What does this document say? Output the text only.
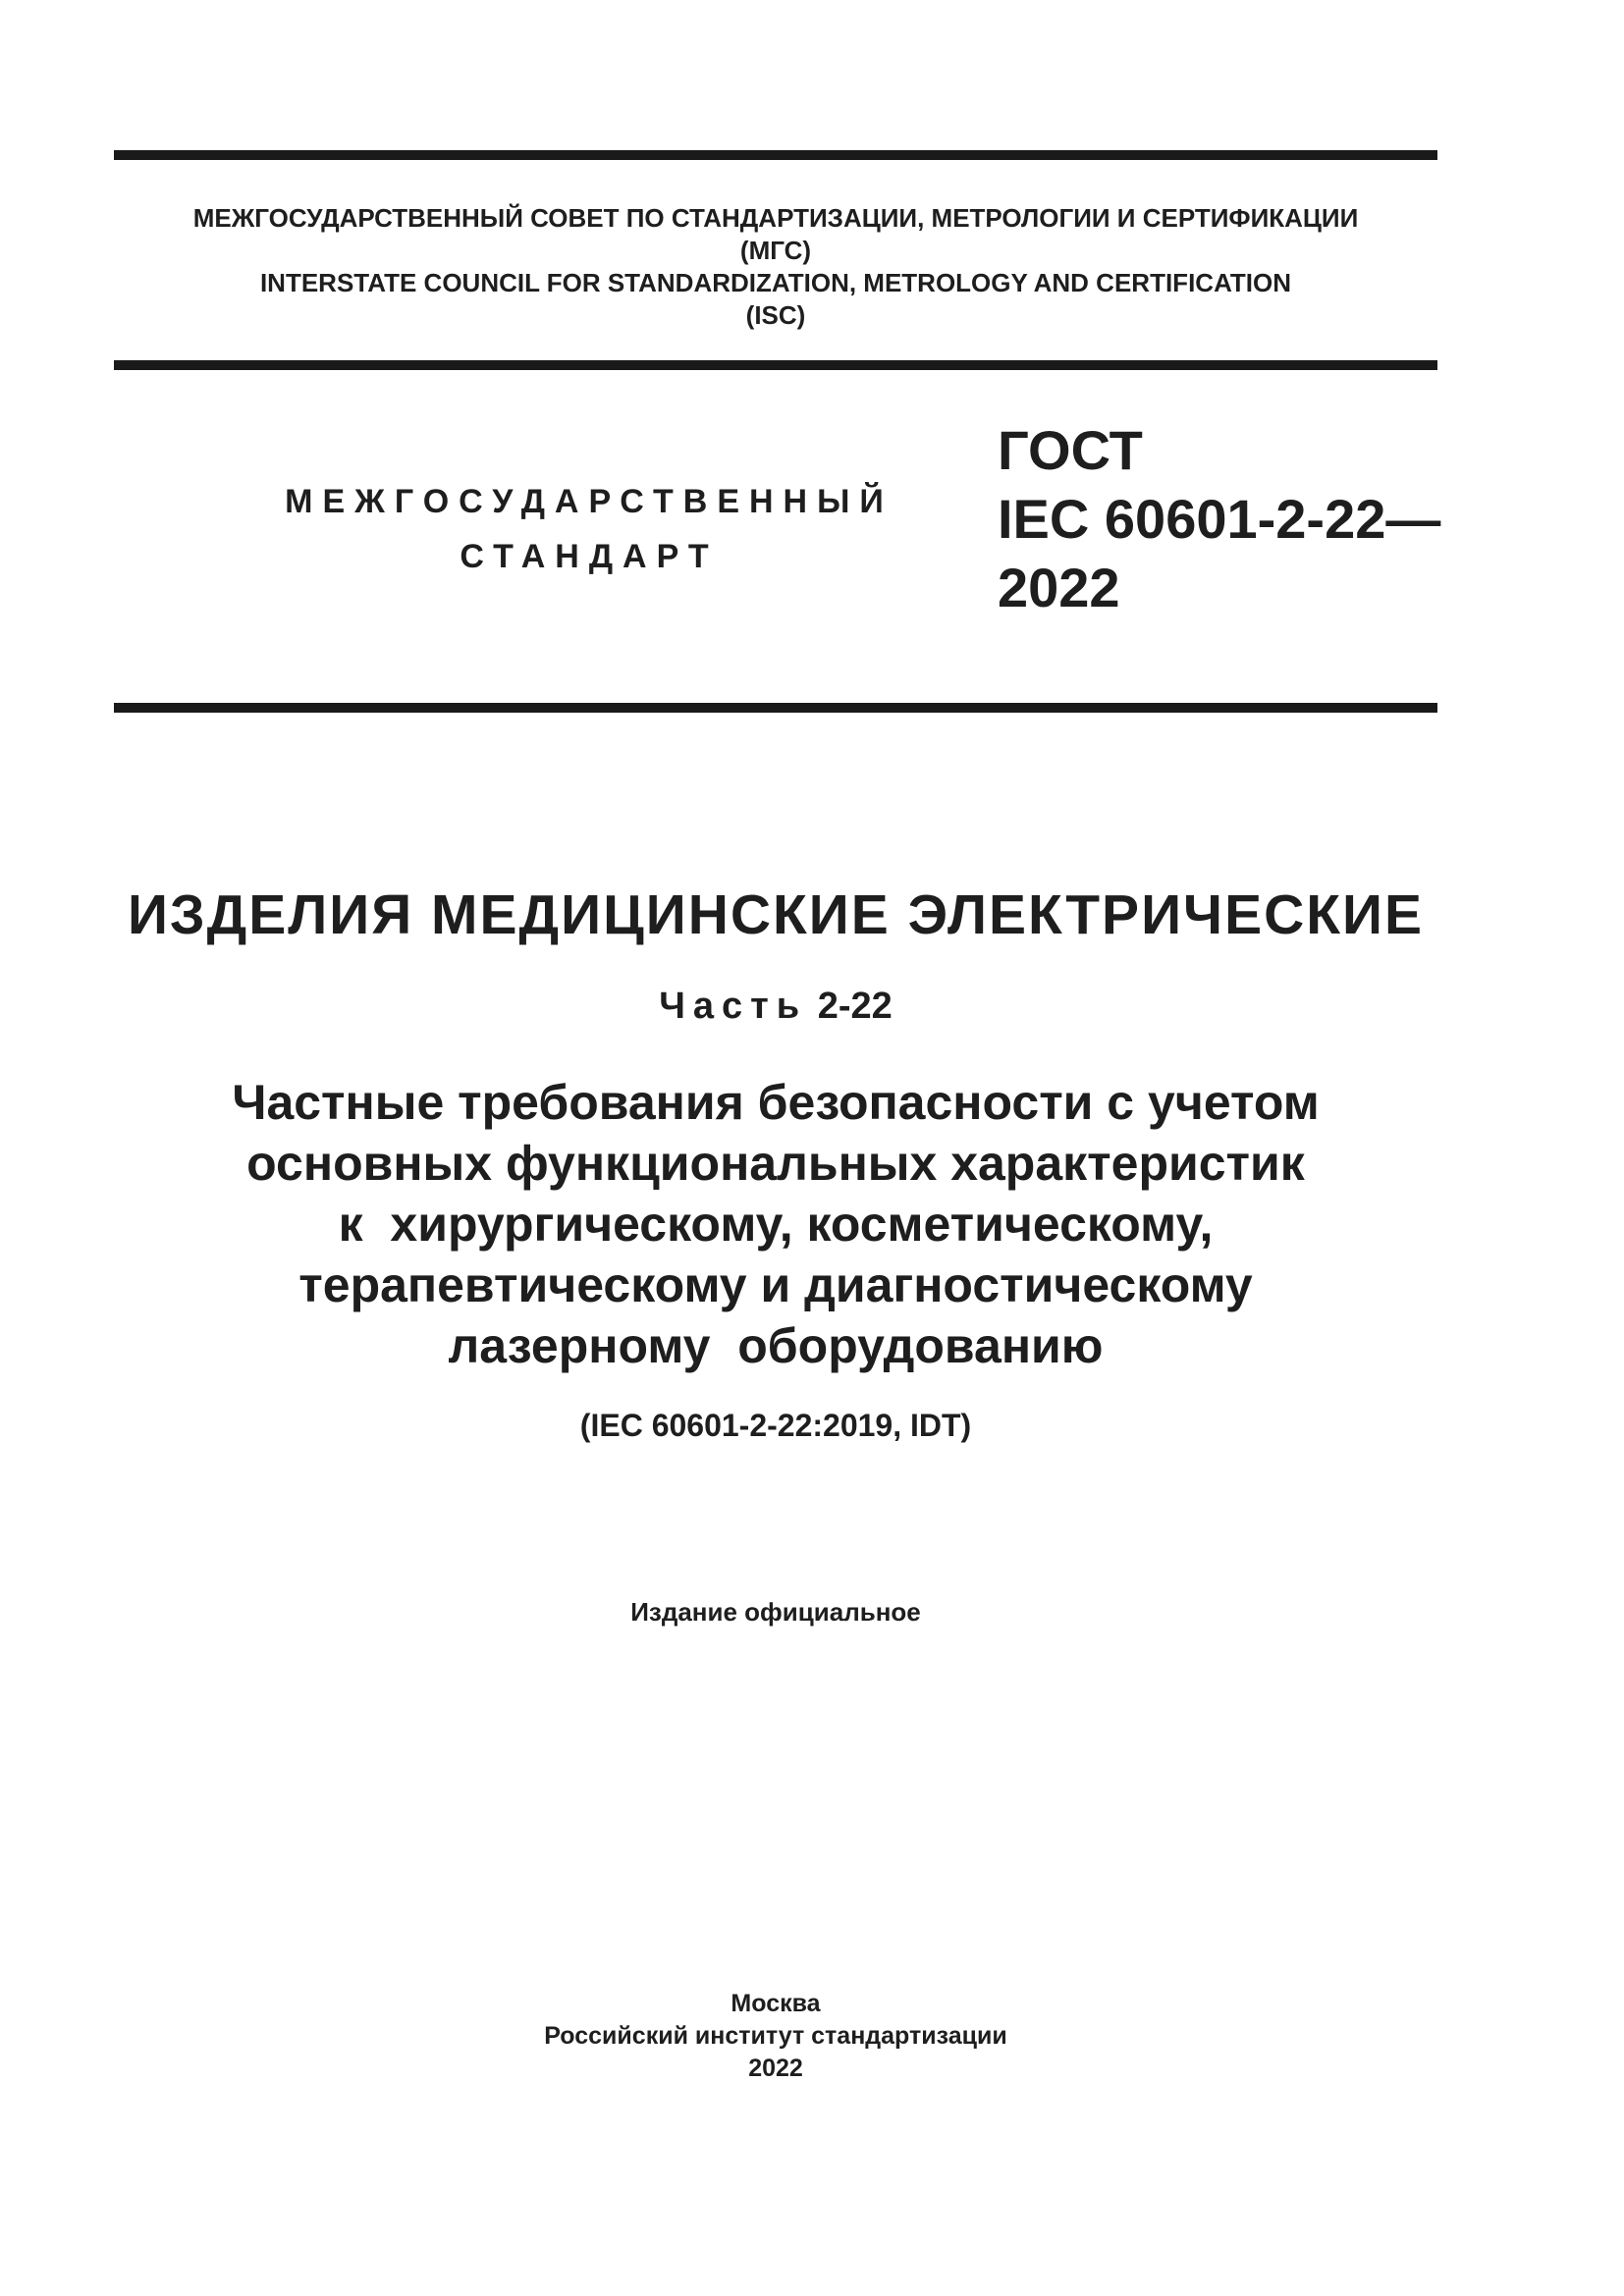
МЕЖГОСУДАРСТВЕННЫЙ СОВЕТ ПО СТАНДАРТИЗАЦИИ, МЕТРОЛОГИИ И СЕРТИФИКАЦИИ
(МГС)
INTERSTATE COUNCIL FOR STANDARDIZATION, METROLOGY AND CERTIFICATION
(ISC)
МЕЖГОСУДАРСТВЕННЫЙ
СТАНДАРТ
ГОСТ
IEC 60601-2-22—
2022
ИЗДЕЛИЯ МЕДИЦИНСКИЕ ЭЛЕКТРИЧЕСКИЕ
Часть 2-22
Частные требования безопасности с учетом
основных функциональных характеристик
к  хирургическому, косметическому,
терапевтическому и диагностическому
лазерному  оборудованию
(IEC 60601-2-22:2019, IDT)
Издание официальное
Москва
Российский институт стандартизации
2022
